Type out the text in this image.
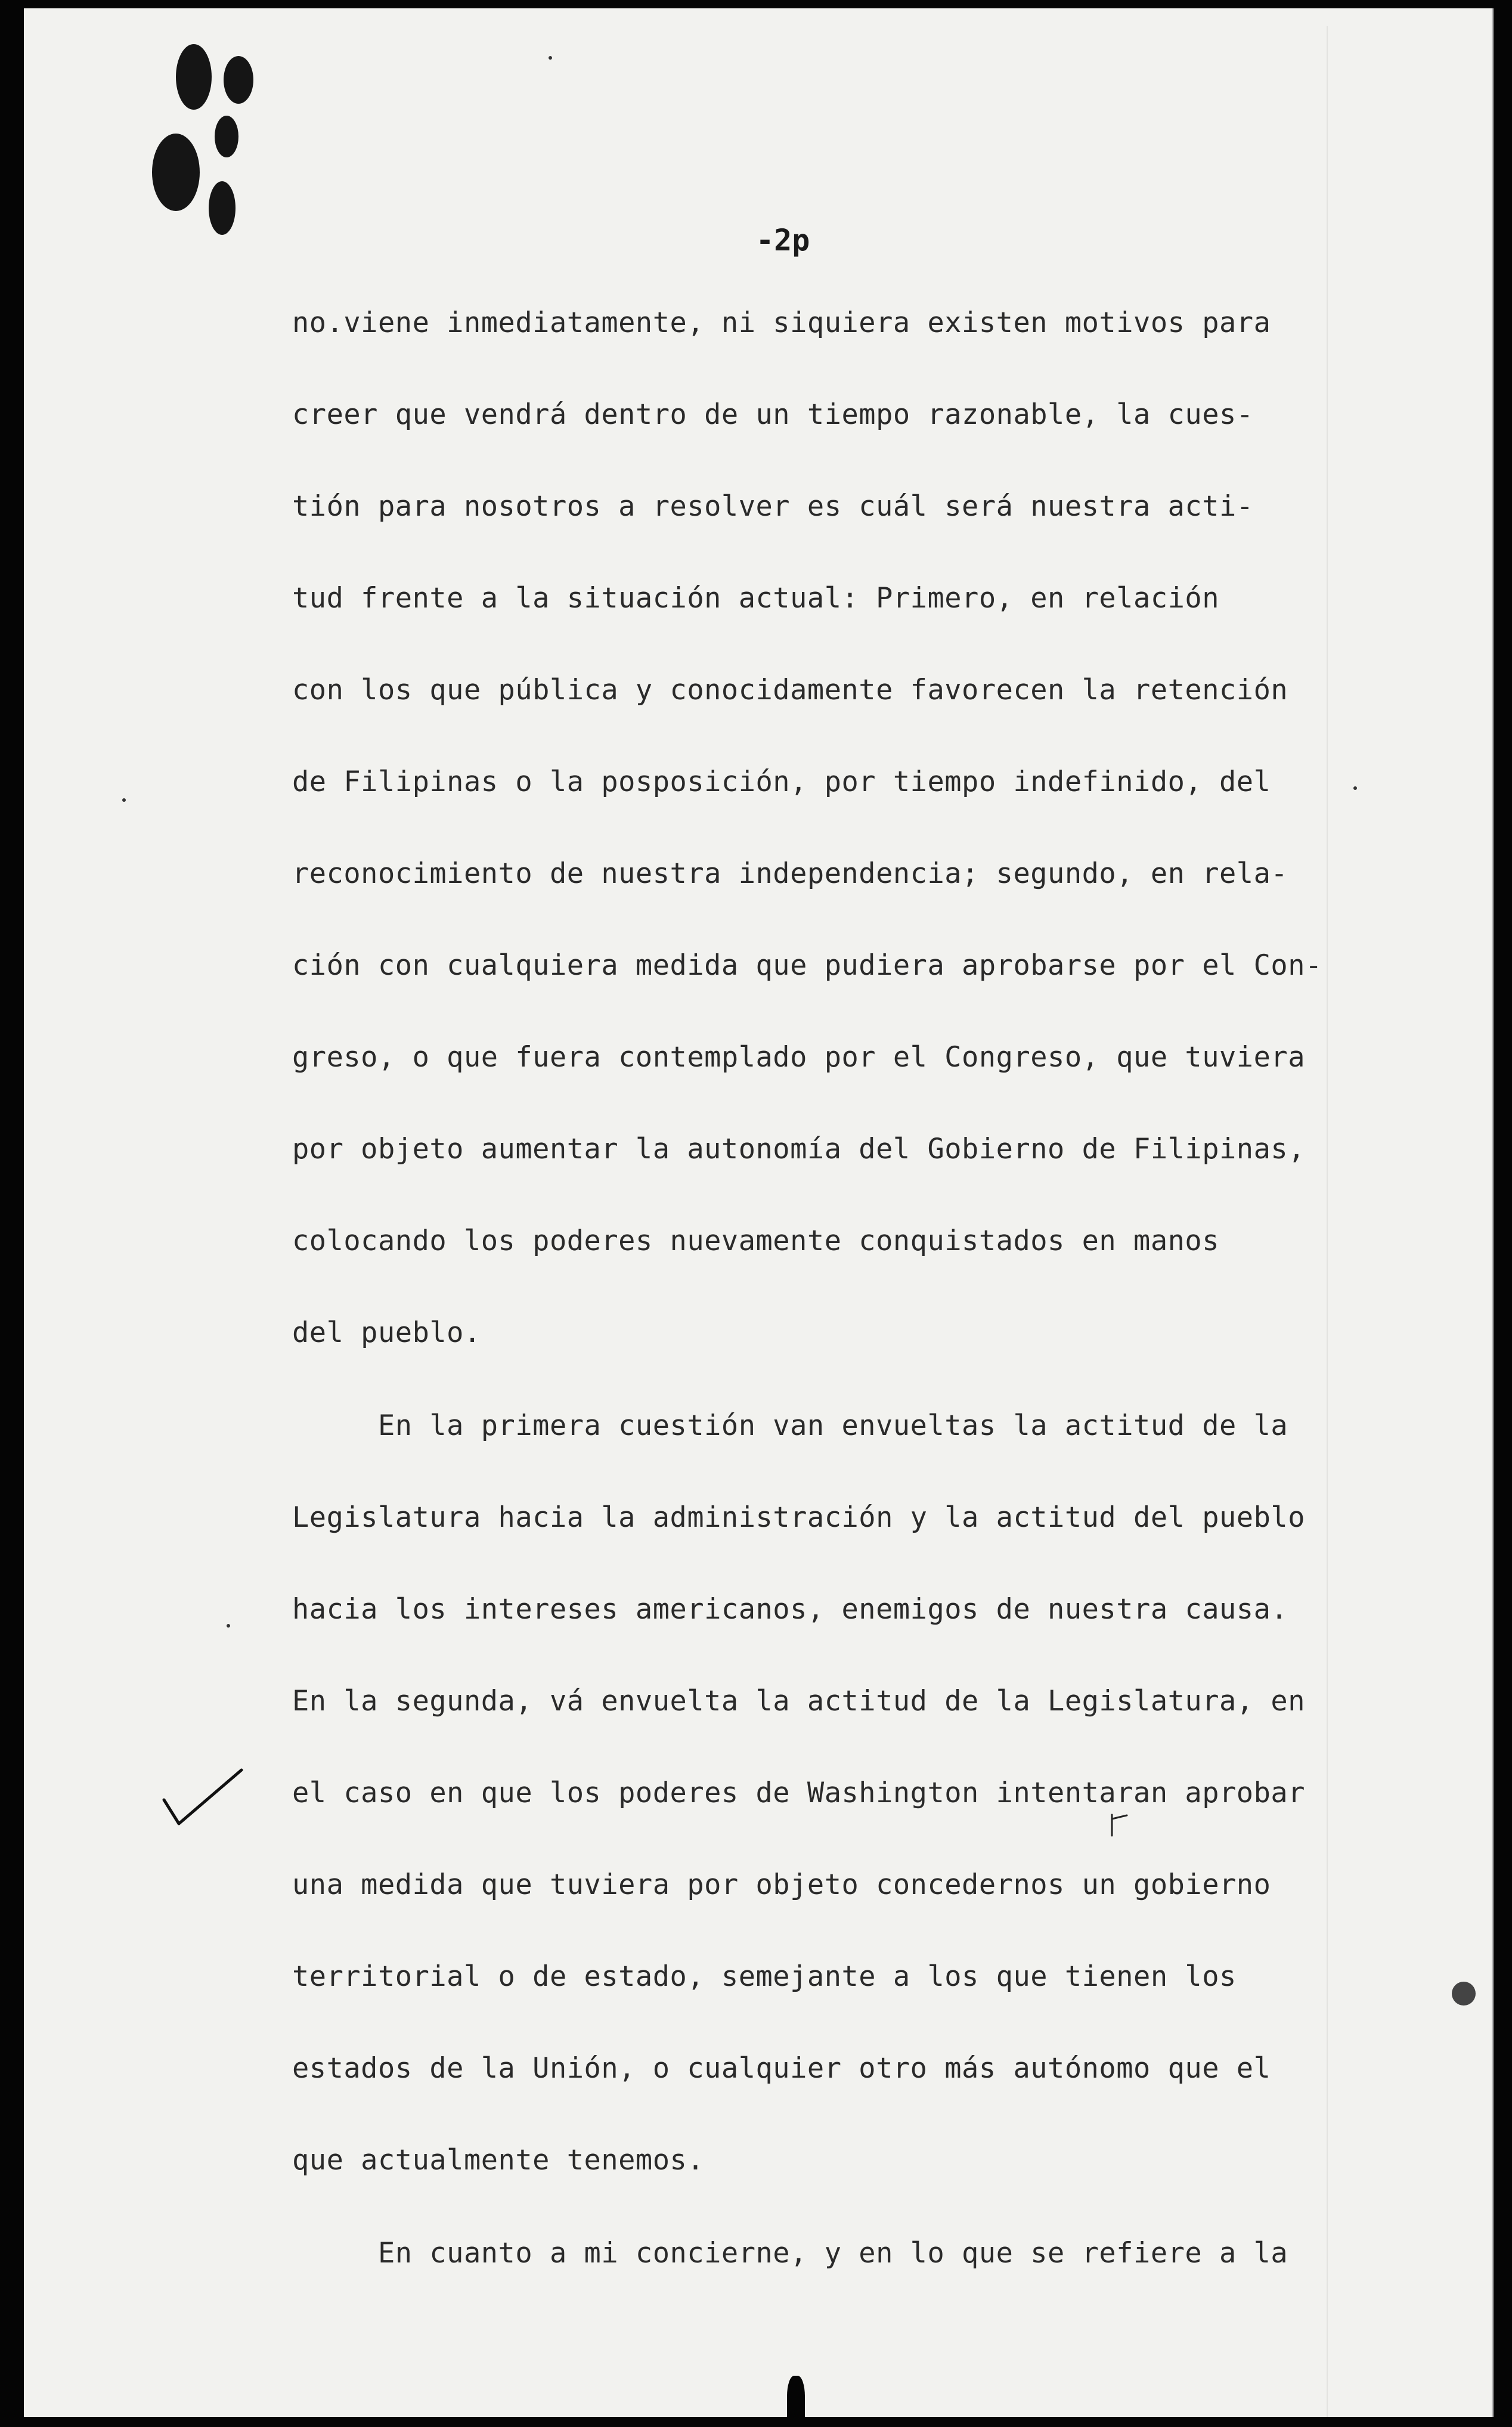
-2p
no.viene inmediatamente, ni siquiera existen motivos para
creer que vendrá dentro de un tiempo razonable, la cues-
tión para nosotros a resolver es cuál será nuestra acti-
tud frente a la situación actual: Primero, en relación
con los que pública y conocidamente favorecen la retención
de Filipinas o la posposición, por tiempo indefinido, del
reconocimiento de nuestra independencia; segundo, en rela-
ción con cualquiera medida que pudiera aprobarse por el Con-
greso, o que fuera contemplado por el Congreso, que tuviera
por objeto aumentar la autonomía del Gobierno de Filipinas,
colocando los poderes nuevamente conquistados en manos
del pueblo.
En la primera cuestión van envueltas la actitud de la
Legislatura hacia la administración y la actitud del pueblo
hacia los intereses americanos, enemigos de nuestra causa.
En la segunda, vá envuelta la actitud de la Legislatura, en
el caso en que los poderes de Washington intentaran aprobar
una medida que tuviera por objeto concedernos un gobierno
territorial o de estado, semejante a los que tienen los
estados de la Unión, o cualquier otro más autónomo que el
que actualmente tenemos.
En cuanto a mi concierne, y en lo que se refiere a la
